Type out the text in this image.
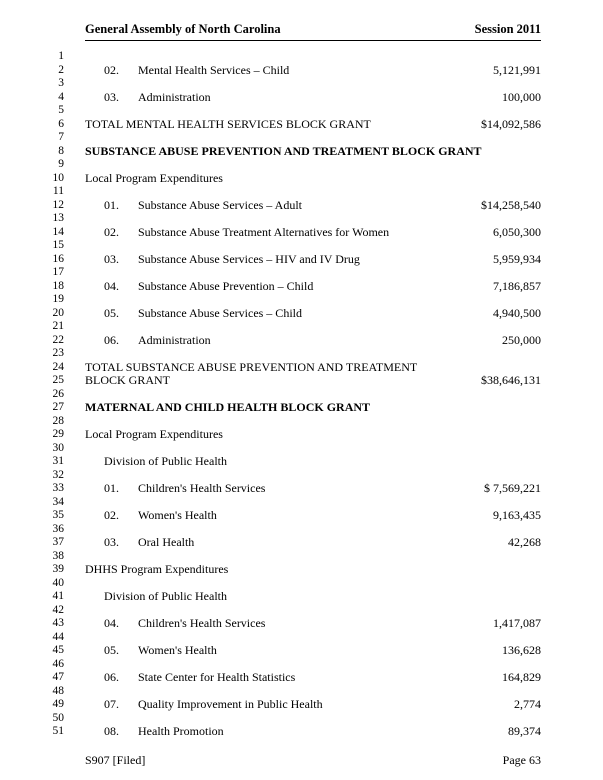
General Assembly of North Carolina	Session 2011
1
2
3
4
5
6
7
8
9
10
11
12
13
14
15
16
17
18
19
20
21
22
23
24
25
26
27
28
29
30
31
32
33
34
35
36
37
38
39
40
41
42
43
44
45
46
47
48
49
50
51
02. Mental Health Services – Child	5,121,991
03. Administration	100,000
TOTAL MENTAL HEALTH SERVICES BLOCK GRANT	$14,092,586
SUBSTANCE ABUSE PREVENTION AND TREATMENT BLOCK GRANT
Local Program Expenditures
01. Substance Abuse Services – Adult	$14,258,540
02. Substance Abuse Treatment Alternatives for Women	6,050,300
03. Substance Abuse Services – HIV and IV Drug	5,959,934
04. Substance Abuse Prevention – Child	7,186,857
05. Substance Abuse Services – Child	4,940,500
06. Administration	250,000
TOTAL SUBSTANCE ABUSE PREVENTION AND TREATMENT
BLOCK GRANT	$38,646,131
MATERNAL AND CHILD HEALTH BLOCK GRANT
Local Program Expenditures
Division of Public Health
01. Children's Health Services	$ 7,569,221
02. Women's Health	9,163,435
03. Oral Health	42,268
DHHS Program Expenditures
Division of Public Health
04. Children's Health Services	1,417,087
05. Women's Health	136,628
06. State Center for Health Statistics	164,829
07. Quality Improvement in Public Health	2,774
08. Health Promotion	89,374
S907 [Filed]	Page 63
